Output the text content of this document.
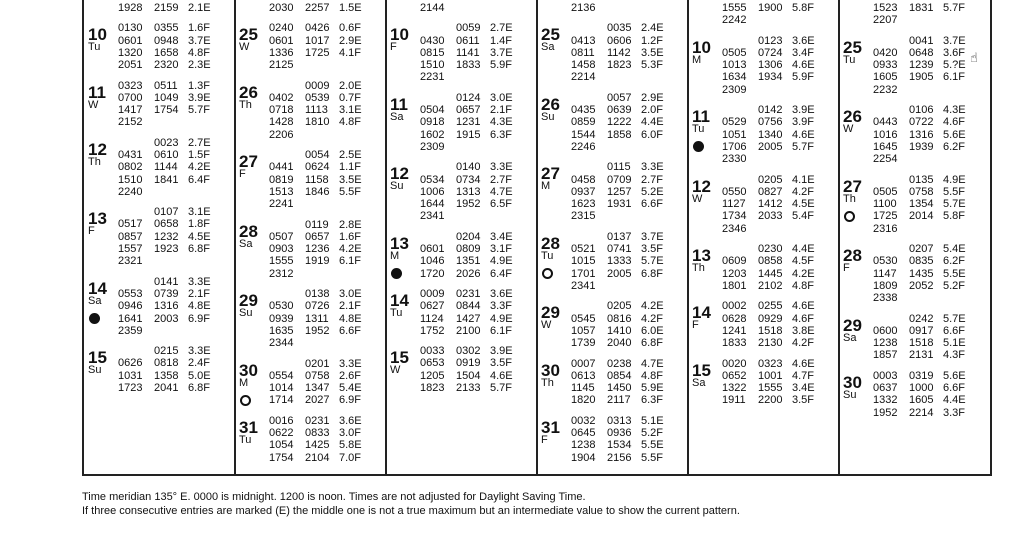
1928 2159 2.1E
10
Tu
0130 0355 1.6F
0601 0948 3.7E
1320 1658 4.8F
2051 2320 2.3E
11
W
0323 0511 1.3F
0700 1049 3.9E
1417 1754 5.7F
2152
12
Th
0023 2.7E
0431 0610 1.5F
0802 1144 4.2E
1510 1841 6.4F
2240
13
F
0107 3.1E
0517 0658 1.8F
0857 1232 4.5E
1557 1923 6.8F
2321
14
Sa
0141 3.3E
0553 0739 2.1F
0946 1316 4.8E
1641 2003 6.9F
2359
15
Su
0215 3.3E
0626 0818 2.4F
1031 1358 5.0E
1723 2041 6.8F
2030 2257 1.5E
25
W
0240 0426 0.6F
0601 1017 2.9E
1336 1725 4.1F
2125
26
Th
0009 2.0E
0402 0539 0.7F
0718 1113 3.1E
1428 1810 4.8F
2206
27
F
0054 2.5E
0441 0624 1.1F
0819 1158 3.5E
1513 1846 5.5F
2241
28
Sa
0119 2.8E
0507 0657 1.6F
0903 1236 4.2E
1555 1919 6.1F
2312
29
Su
0138 3.0E
0530 0726 2.1F
0939 1311 4.8E
1635 1952 6.6F
2344
30
M
0201 3.3E
0554 0758 2.6F
1014 1347 5.4E
1714 2027 6.9F
31
Tu
0016 0231 3.6E
0622 0833 3.0F
1054 1425 5.8E
1754 2104 7.0F
2144
10
F
0059 2.7E
0430 0611 1.4F
0815 1141 3.7E
1510 1833 5.9F
2231
11
Sa
0124 3.0E
0504 0657 2.1F
0918 1231 4.3E
1602 1915 6.3F
2309
12
Su
0140 3.3E
0534 0734 2.7F
1006 1313 4.7E
1644 1952 6.5F
2341
13
M
0204 3.4E
0601 0809 3.1F
1046 1351 4.9E
1720 2026 6.4F
14
Tu
0009 0231 3.6E
0627 0844 3.3F
1124 1427 4.9E
1752 2100 6.1F
15
W
0033 0302 3.9E
0653 0919 3.5F
1205 1504 4.6E
1823 2133 5.7F
2136
25
Sa
0035 2.4E
0413 0606 1.2F
0811 1142 3.5E
1458 1823 5.3F
2214
26
Su
0057 2.9E
0435 0639 2.0F
0859 1222 4.4E
1544 1858 6.0F
2246
27
M
0115 3.3E
0458 0709 2.7F
0937 1257 5.2E
1623 1931 6.6F
2315
28
Tu
0137 3.7E
0521 0741 3.5F
1015 1333 5.7E
1701 2005 6.8F
2341
29
W
0205 4.2E
0545 0816 4.2F
1057 1410 6.0E
1739 2040 6.8F
30
Th
0007 0238 4.7E
0613 0854 4.8F
1145 1450 5.9E
1820 2117 6.3F
31
F
0032 0313 5.1E
0645 0936 5.2F
1238 1534 5.5E
1904 2156 5.5F
1555 1900 5.8F
2242
10
M
0123 3.6E
0505 0724 3.4F
1013 1306 4.6E
1634 1934 5.9F
2309
11
Tu
0142 3.9E
0529 0756 3.9F
1051 1340 4.6E
1706 2005 5.7F
2330
12
W
0205 4.1E
0550 0827 4.2F
1127 1412 4.5E
1734 2033 5.4F
2346
13
Th
0230 4.4E
0609 0858 4.5F
1203 1445 4.2E
1801 2102 4.8F
14
F
0002 0255 4.6E
0628 0929 4.6F
1241 1518 3.8E
1833 2130 4.2F
15
Sa
0020 0323 4.6E
0652 1001 4.7F
1322 1555 3.4E
1911 2200 3.5F
1523 1831 5.7F
2207
25
Tu
0041 3.7E
0420 0648 3.6F
0933 1239 5.?E
1605 1905 6.1F
2232
26
W
0106 4.3E
0443 0722 4.6F
1016 1316 5.6E
1645 1939 6.2F
2254
27
Th
0135 4.9E
0505 0758 5.5F
1100 1354 5.7E
1725 2014 5.8F
2316
28
F
0207 5.4E
0530 0835 6.2F
1147 1435 5.5E
1809 2052 5.2F
2338
29
Sa
0242 5.7E
0600 0917 6.6F
1238 1518 5.1E
1857 2131 4.3F
30
Su
0003 0319 5.6E
0637 1000 6.6F
1332 1605 4.4E
1952 2214 3.3F
Time meridian 135° E. 0000 is midnight. 1200 is noon. Times are not adjusted for Daylight Saving Time.
If three consecutive entries are marked (E) the middle one is not a true maximum but an intermediate value to show the current pattern.
☝
